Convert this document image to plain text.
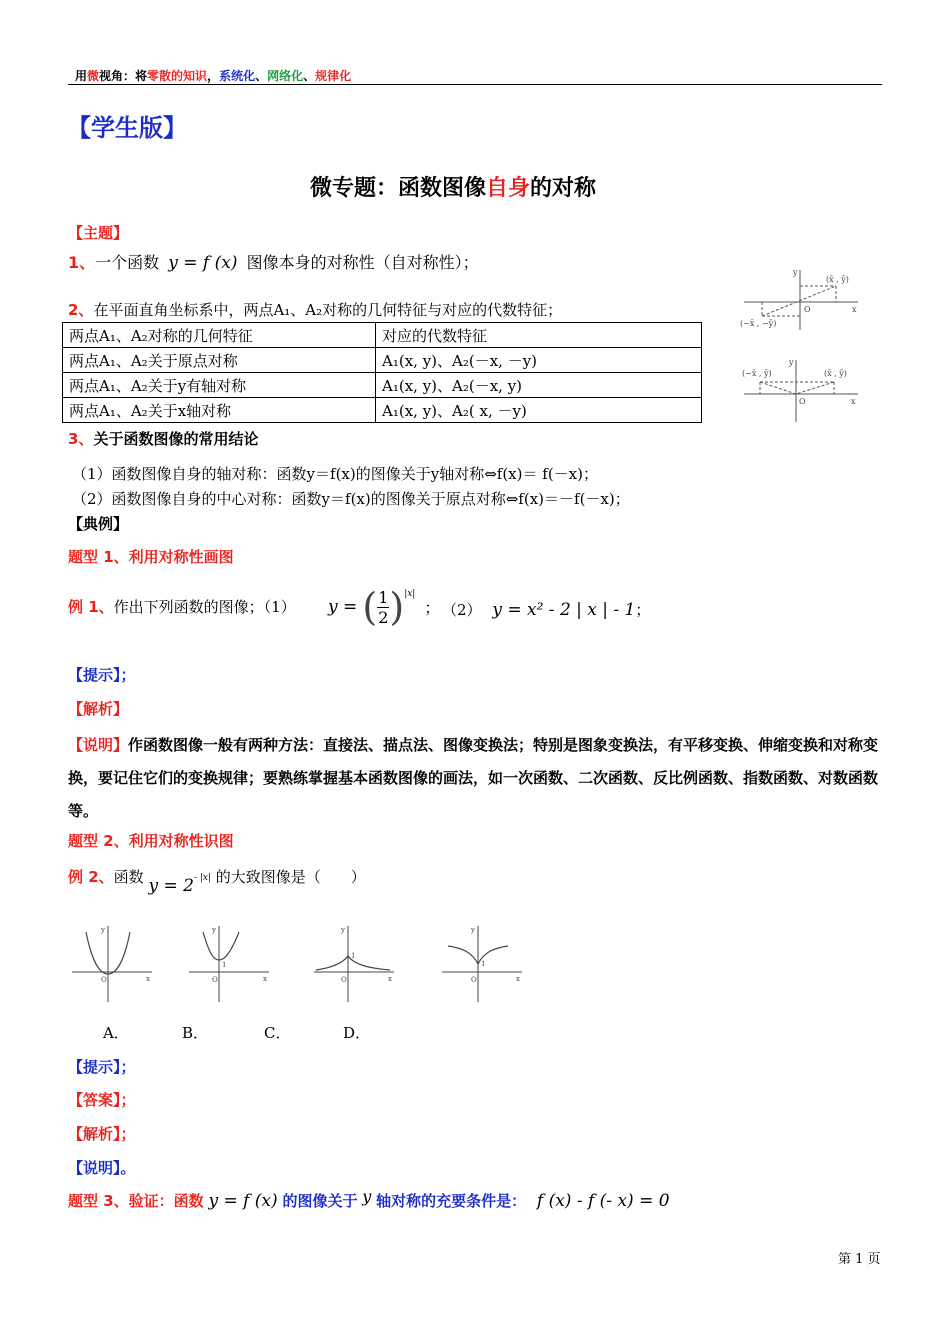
用微视角：将零散的知识，系统化、网络化、规律化
【学生版】
微专题：函数图像自身的对称
【主题】
1、一个函数 y = f (x) 图像本身的对称性（自对称性）；
2、在平面直角坐标系中，两点A₁、A₂对称的几何特征与对应的代数特征；
两点A₁、A₂对称的几何特征	对应的代数特征
两点A₁、A₂关于原点对称	A₁(x, y)、A₂(－x, －y)
两点A₁、A₂关于y有轴对称	A₁(x, y)、A₂(－x, y)
两点A₁、A₂关于x轴对称	A₁(x, y)、A₂( x, －y)
y
x
O
(x̄ , ȳ)
(−x̄ , −ȳ)
y
x
O
(−x̄ , ȳ)	(x̄ , ȳ)
3、关于函数图像的常用结论
（1）函数图像自身的轴对称：函数y＝f(x)的图像关于y轴对称⇔f(x)＝ f(－x)；
（2）函数图像自身的中心对称：函数y＝f(x)的图像关于原点对称⇔f(x)＝－f(－x)；
【典例】
题型 1、利用对称性画图
例 1、作出下列函数的图像；（1） y = ( $\frac{1}{2} )^{|x|}$ ； （2） y = x² - 2 | x | - 1；
【提示】；
【解析】
【说明】作函数图像一般有两种方法：直接法、描点法、图像变换法；特别是图象变换法，有平移变换、伸缩变换和对称变换，要记住它们的变换规律；要熟练掌握基本函数图像的画法，如一次函数、二次函数、反比例函数、指数函数、对数函数等。
题型 2、利用对称性识图
例 2、函数 y = 2- |x| 的大致图像是（　　）
y
x
O
y
x
O
1
y
x
O
1
y
x
O
1
A．	B．	C．	D．
【提示】；
【答案】；
【解析】；
【说明】。
题型 3、验证：函数 y = f (x) 的图像关于 y 轴对称的充要条件是： f (x) - f (- x) = 0
第 1 页
